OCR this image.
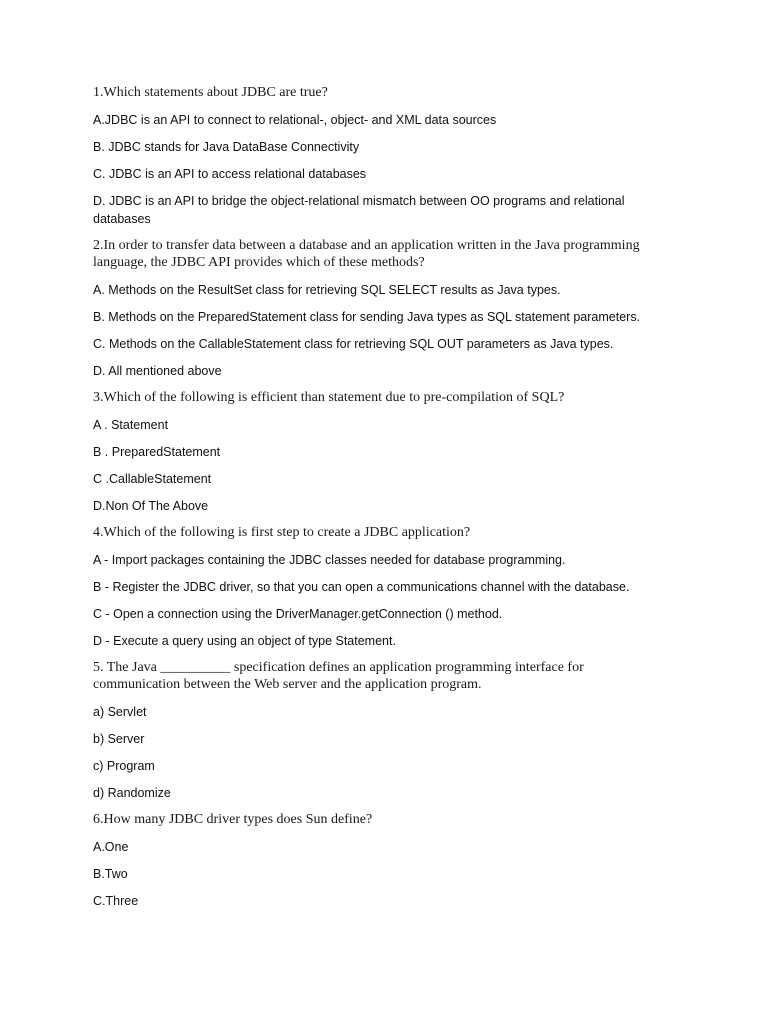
1.Which statements about JDBC are true?

A.JDBC is an API to connect to relational-, object- and XML data sources

B. JDBC stands for Java DataBase Connectivity

C. JDBC is an API to access relational databases

D. JDBC is an API to bridge the object-relational mismatch between OO programs and relational databases

2.In order to transfer data between a database and an application written in the Java programming language, the JDBC API provides which of these methods?

A. Methods on the ResultSet class for retrieving SQL SELECT results as Java types.

B. Methods on the PreparedStatement class for sending Java types as SQL statement parameters.

C. Methods on the CallableStatement class for retrieving SQL OUT parameters as Java types.

D. All mentioned above

3.Which of the following is efficient than statement due to pre-compilation of SQL?

A . Statement

B . PreparedStatement

C .CallableStatement

D.Non Of The Above

4.Which of the following is first step to create a JDBC application?

A - Import packages containing the JDBC classes needed for database programming.

B - Register the JDBC driver, so that you can open a communications channel with the database.

C - Open a connection using the DriverManager.getConnection () method.

D - Execute a query using an object of type Statement.

5. The Java __________ specification defines an application programming interface for communication between the Web server and the application program.

a) Servlet

b) Server

c) Program

d) Randomize

6.How many JDBC driver types does Sun define?

A.One

B.Two

C.Three
